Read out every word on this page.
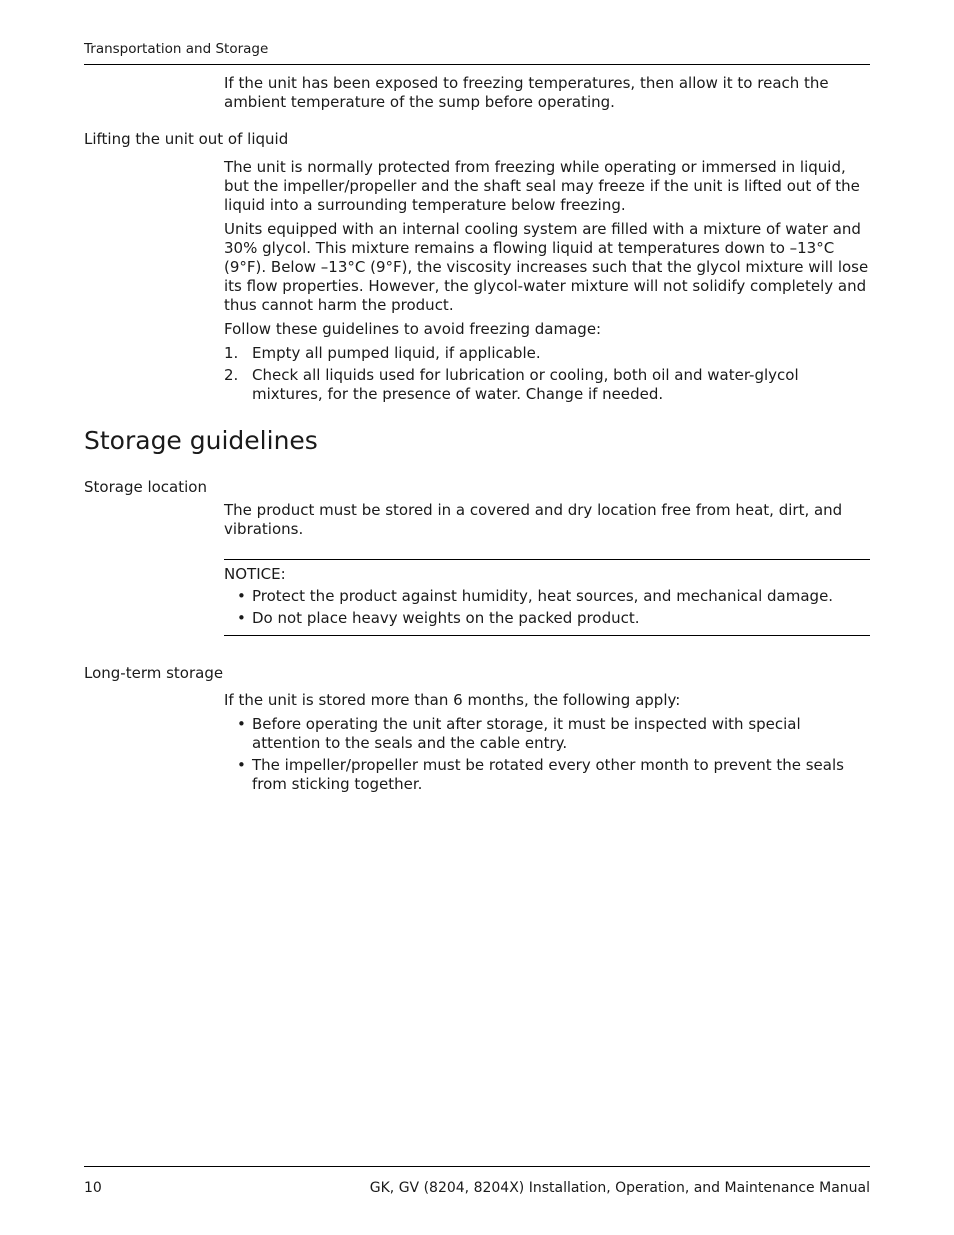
Transportation and Storage

If the unit has been exposed to freezing temperatures, then allow it to reach the ambient temperature of the sump before operating.

Lifting the unit out of liquid

The unit is normally protected from freezing while operating or immersed in liquid, but the impeller/propeller and the shaft seal may freeze if the unit is lifted out of the liquid into a surrounding temperature below freezing.

Units equipped with an internal cooling system are filled with a mixture of water and 30% glycol. This mixture remains a flowing liquid at temperatures down to –13°C (9°F). Below –13°C (9°F), the viscosity increases such that the glycol mixture will lose its flow properties. However, the glycol-water mixture will not solidify completely and thus cannot harm the product.

Follow these guidelines to avoid freezing damage:

1. Empty all pumped liquid, if applicable.
2. Check all liquids used for lubrication or cooling, both oil and water-glycol mixtures, for the presence of water. Change if needed.
Storage guidelines
Storage location

The product must be stored in a covered and dry location free from heat, dirt, and vibrations.

NOTICE:
• Protect the product against humidity, heat sources, and mechanical damage.
• Do not place heavy weights on the packed product.
Long-term storage

If the unit is stored more than 6 months, the following apply:

• Before operating the unit after storage, it must be inspected with special attention to the seals and the cable entry.
• The impeller/propeller must be rotated every other month to prevent the seals from sticking together.
10	GK, GV (8204, 8204X) Installation, Operation, and Maintenance Manual
